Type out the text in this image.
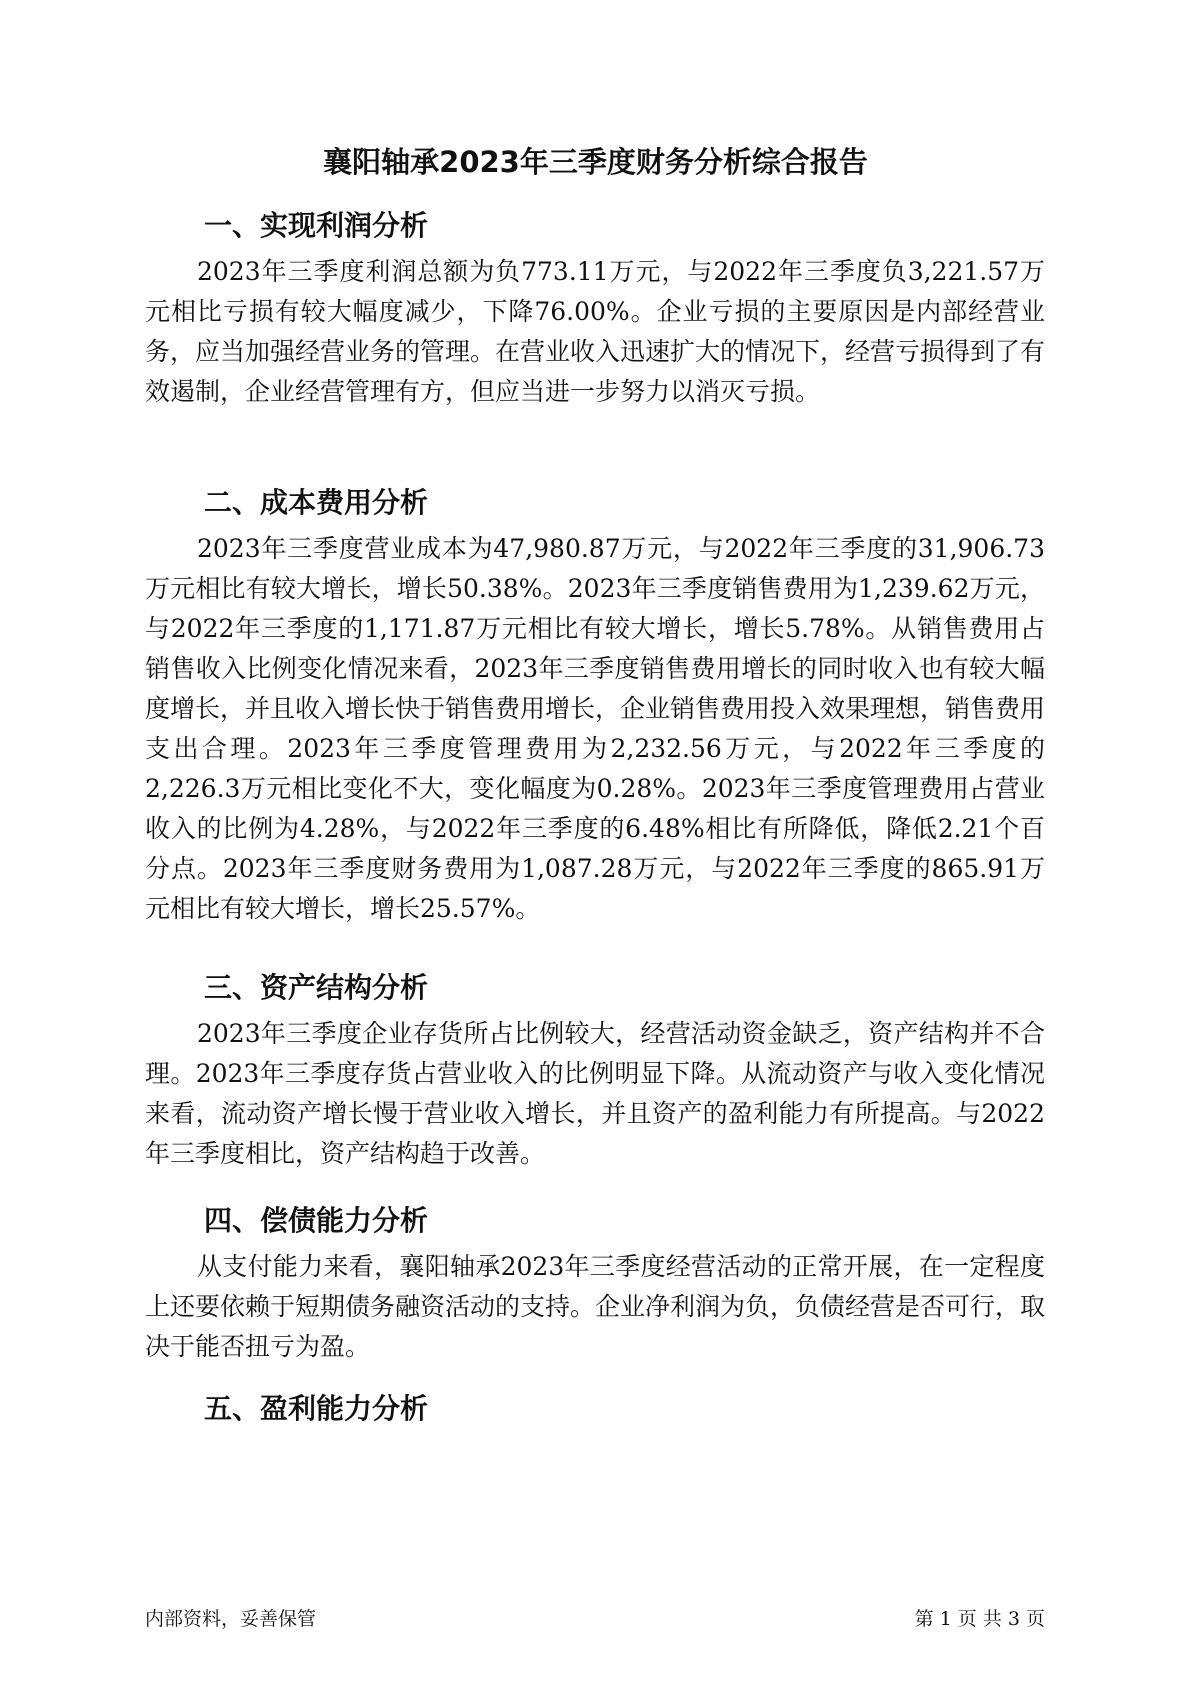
襄阳轴承2023年三季度财务分析综合报告
一、实现利润分析

2023年三季度利润总额为负773.11万元，与2022年三季度负3,221.57万元相比亏损有较大幅度减少，下降76.00%。企业亏损的主要原因是内部经营业务，应当加强经营业务的管理。在营业收入迅速扩大的情况下，经营亏损得到了有效遏制，企业经营管理有方，但应当进一步努力以消灭亏损。

二、成本费用分析

2023年三季度营业成本为47,980.87万元，与2022年三季度的31,906.73万元相比有较大增长，增长50.38%。2023年三季度销售费用为1,239.62万元，与2022年三季度的1,171.87万元相比有较大增长，增长5.78%。从销售费用占销售收入比例变化情况来看，2023年三季度销售费用增长的同时收入也有较大幅度增长，并且收入增长快于销售费用增长，企业销售费用投入效果理想，销售费用支出合理。2023年三季度管理费用为2,232.56万元，与2022年三季度的2,226.3万元相比变化不大，变化幅度为0.28%。2023年三季度管理费用占营业收入的比例为4.28%，与2022年三季度的6.48%相比有所降低，降低2.21个百分点。2023年三季度财务费用为1,087.28万元，与2022年三季度的865.91万元相比有较大增长，增长25.57%。

三、资产结构分析

2023年三季度企业存货所占比例较大，经营活动资金缺乏，资产结构并不合理。2023年三季度存货占营业收入的比例明显下降。从流动资产与收入变化情况来看，流动资产增长慢于营业收入增长，并且资产的盈利能力有所提高。与2022年三季度相比，资产结构趋于改善。

四、偿债能力分析

从支付能力来看，襄阳轴承2023年三季度经营活动的正常开展，在一定程度上还要依赖于短期债务融资活动的支持。企业净利润为负，负债经营是否可行，取决于能否扭亏为盈。

五、盈利能力分析
内部资料，妥善保管	第 1 页 共 3 页
